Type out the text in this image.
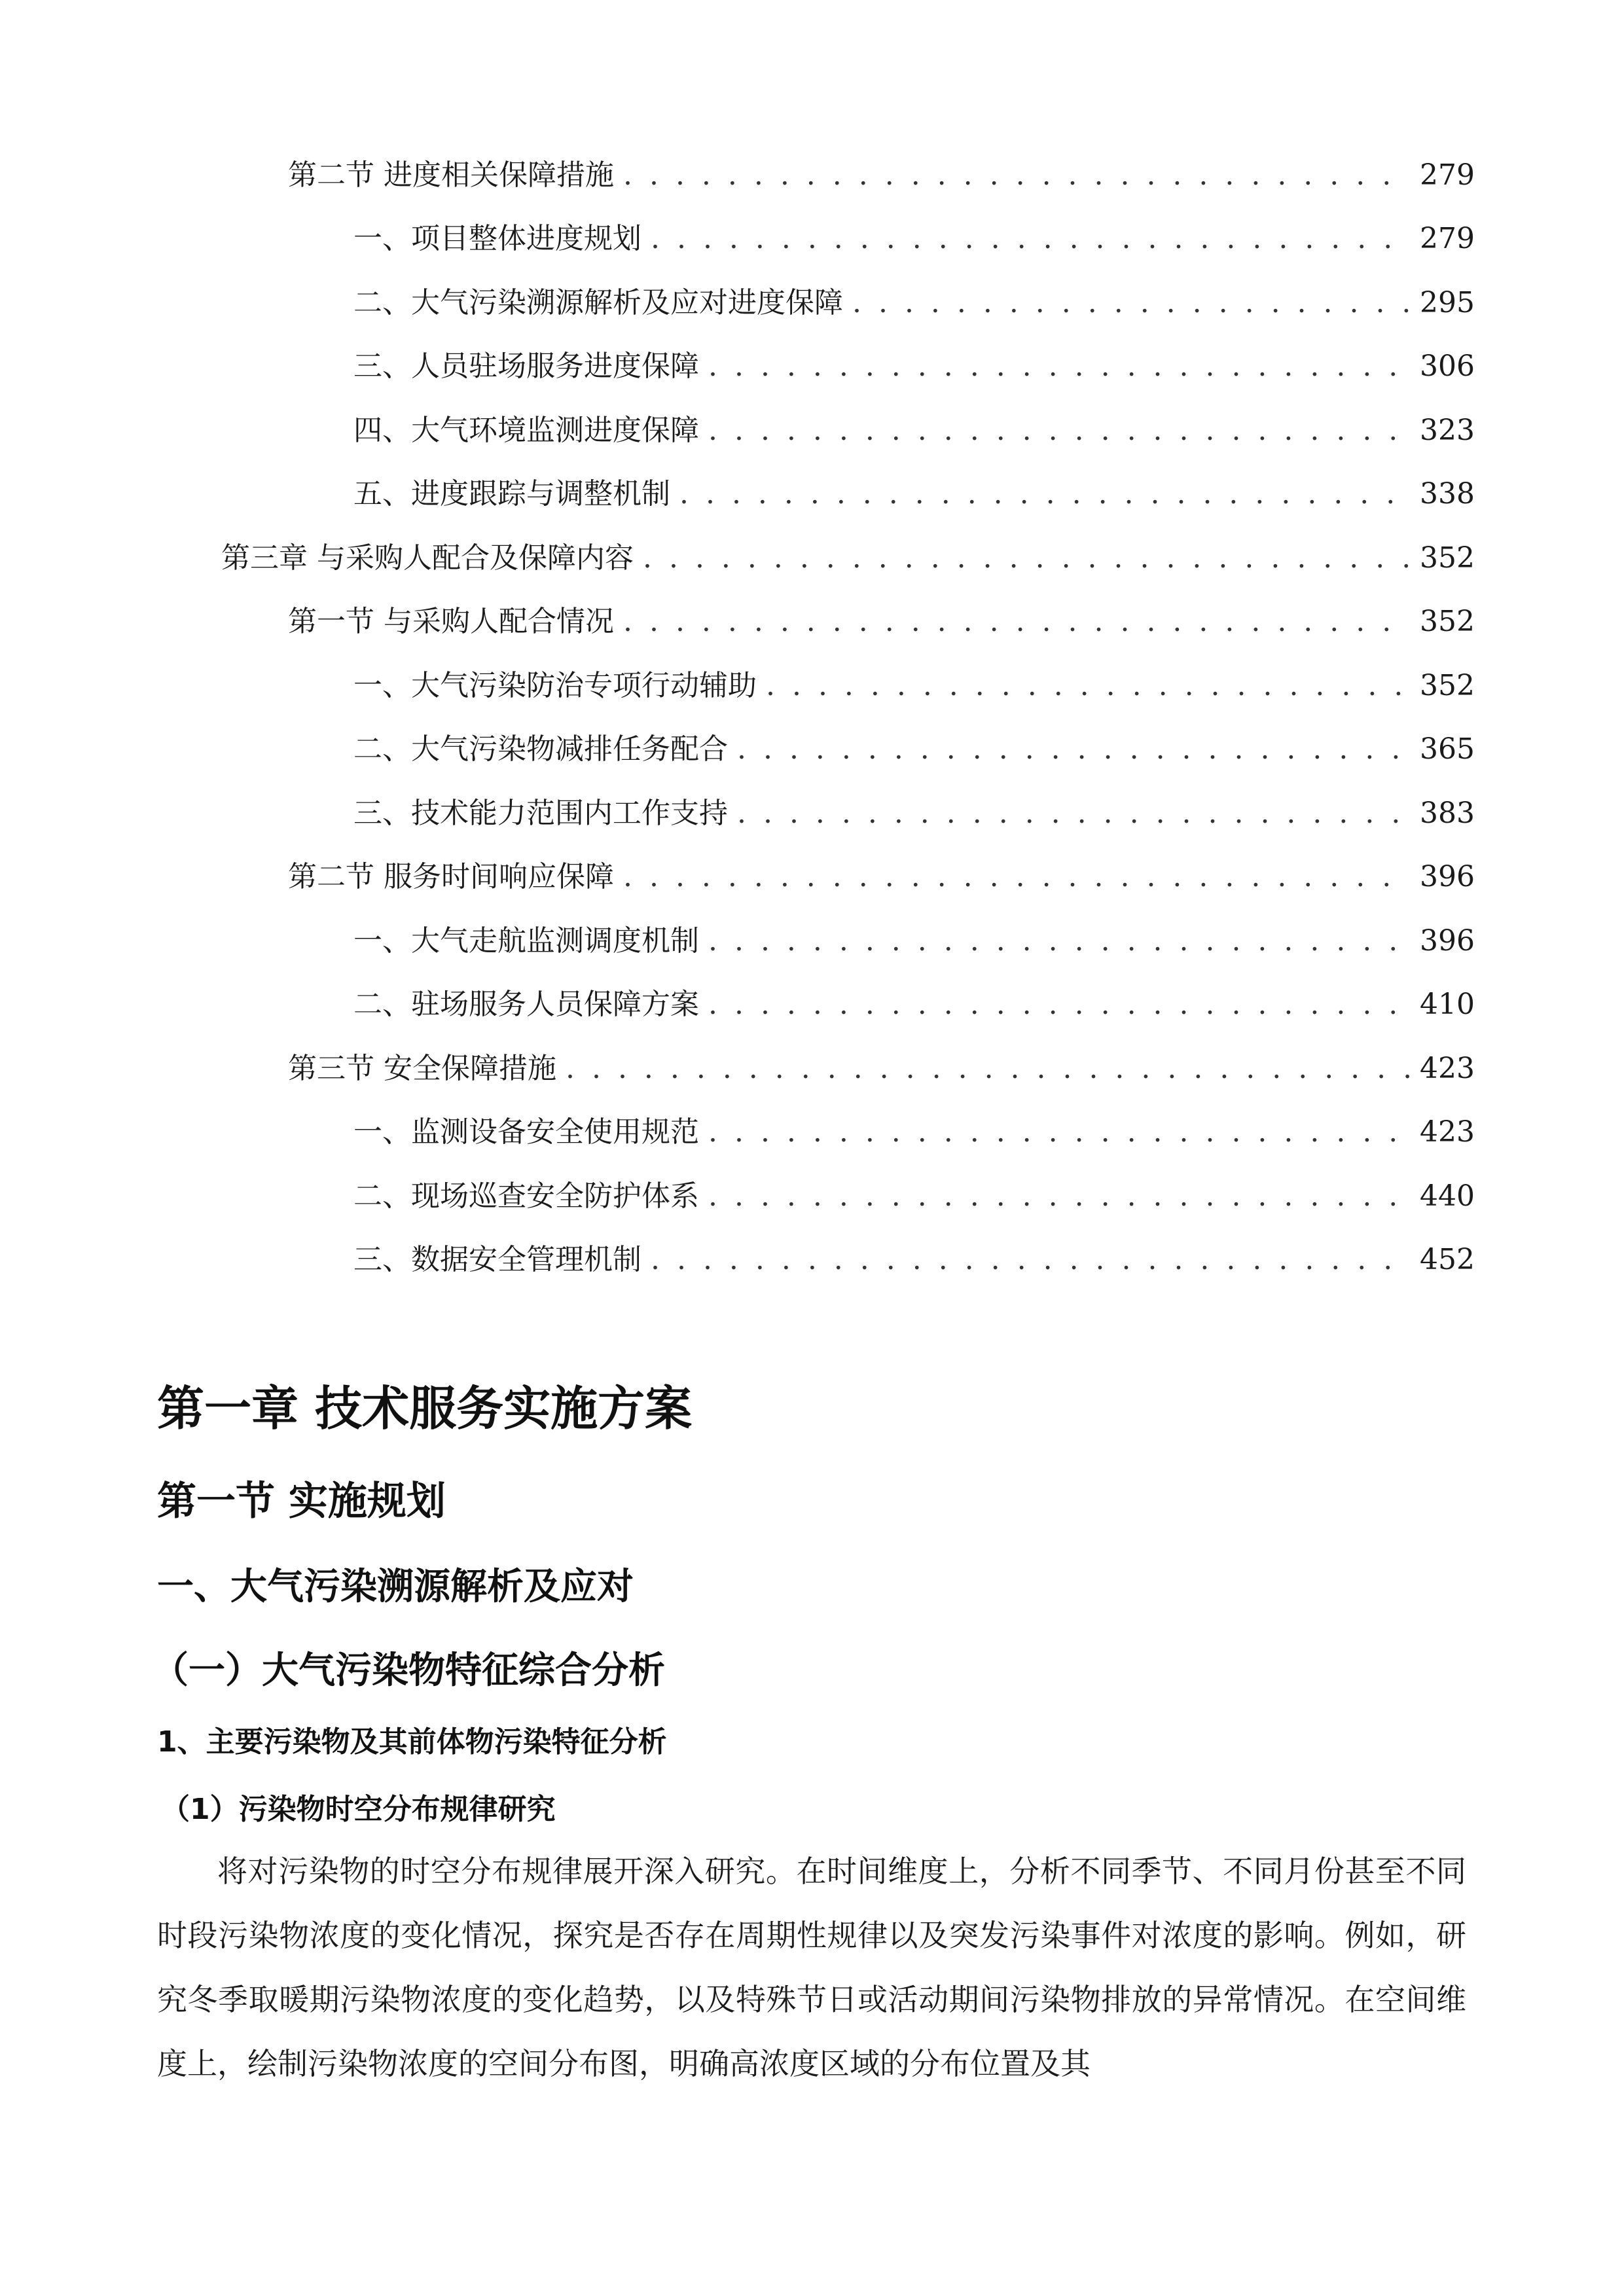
第二节 进度相关保障措施 . . .	279
一、 项目整体进度规划 . . .	279
二、 大气污染溯源解析及应对进度保障 . . .	295
三、 人员驻场服务进度保障 . . .	306
四、 大气环境监测进度保障 . . .	323
五、 进度跟踪与调整机制 . . .	338
第三章 与采购人配合及保障内容 . . .	352
第一节 与采购人配合情况 . . .	352
一、 大气污染防治专项行动辅助 . . .	352
二、 大气污染物减排任务配合 . . .	365
三、 技术能力范围内工作支持 . . .	383
第二节 服务时间响应保障 . . .	396
一、 大气走航监测调度机制 . . .	396
二、 驻场服务人员保障方案 . . .	410
第三节 安全保障措施 . . .	423
一、 监测设备安全使用规范 . . .	423
二、 现场巡查安全防护体系 . . .	440
三、 数据安全管理机制 . . .	452
第一章 技术服务实施方案
第一节 实施规划
一、大气污染溯源解析及应对
（一）大气污染物特征综合分析
1、主要污染物及其前体物污染特征分析
（1）污染物时空分布规律研究
将对污染物的时空分布规律展开深入研究。在时间维度上，分析不同季节、不同月份甚至不同时段污染物浓度的变化情况，探究是否存在周期性规律以及突发污染事件对浓度的影响。例如，研究冬季取暖期污染物浓度的变化趋势，以及特殊节日或活动期间污染物排放的异常情况。在空间维度上，绘制污染物浓度的空间分布图，明确高浓度区域的分布位置及其
